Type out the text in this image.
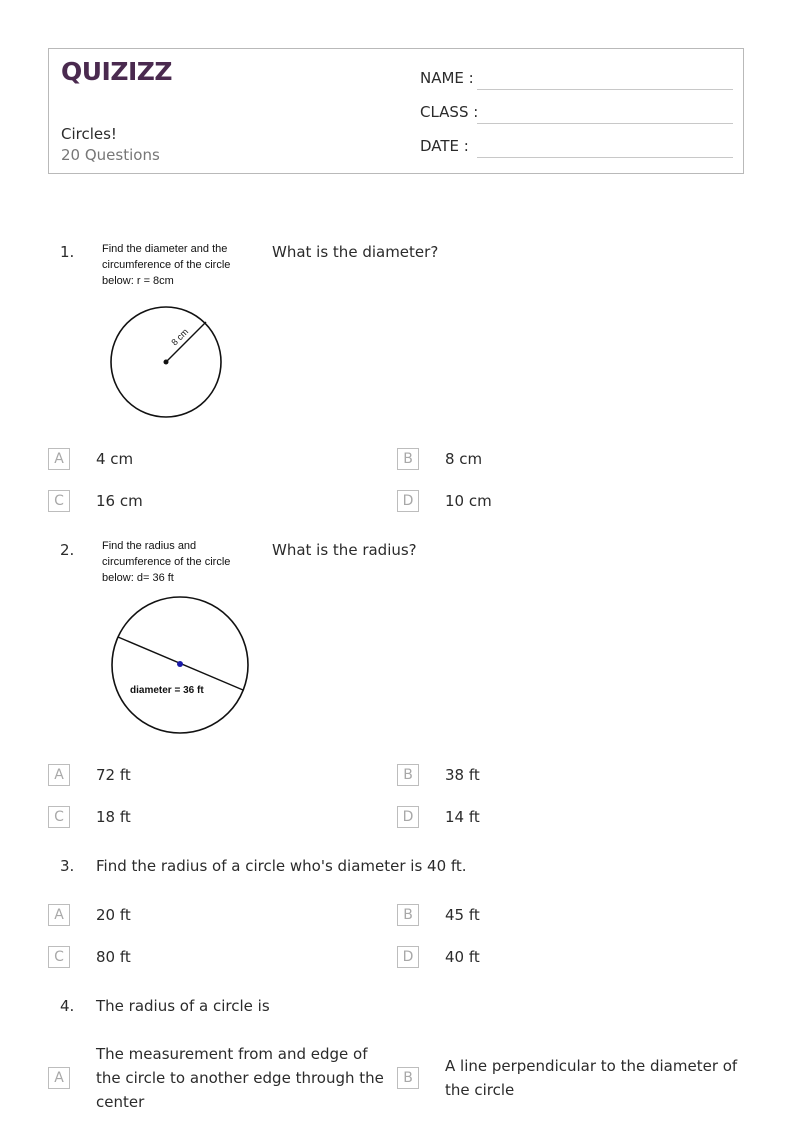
QUIZIZZ
Circles!
20 Questions
NAME :
CLASS :
DATE :
1.	Find the diameter and the
circumference of the circle
below: r = 8cm
8 cm
What is the diameter?
A	4 cm	B	8 cm
C	16 cm	D	10 cm
2.	Find the radius and
circumference of the circle
below: d= 36 ft
diameter = 36 ft
What is the radius?
A	72 ft	B	38 ft
C	18 ft	D	14 ft
3. Find the radius of a circle who's diameter is 40 ft.
A	20 ft	B	45 ft
C	80 ft	D	40 ft
4. The radius of a circle is
A
The measurement from and edge of the circle to another edge through the center
B
A line perpendicular to the diameter of the circle
